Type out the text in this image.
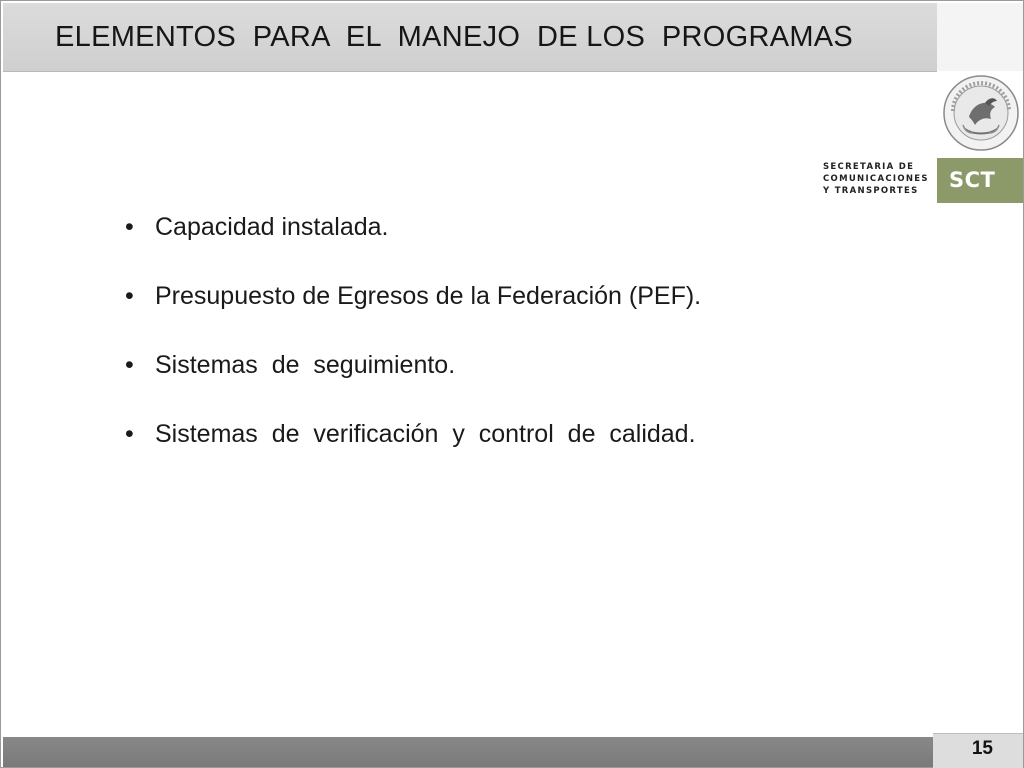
ELEMENTOS  PARA  EL  MANEJO  DE LOS  PROGRAMAS
SECRETARIA DE
COMUNICACIONES
Y TRANSPORTES	SCT
• Capacidad instalada.
• Presupuesto de Egresos de la Federación (PEF).
• Sistemas  de  seguimiento.
• Sistemas  de  verificación  y  control  de  calidad.
15
